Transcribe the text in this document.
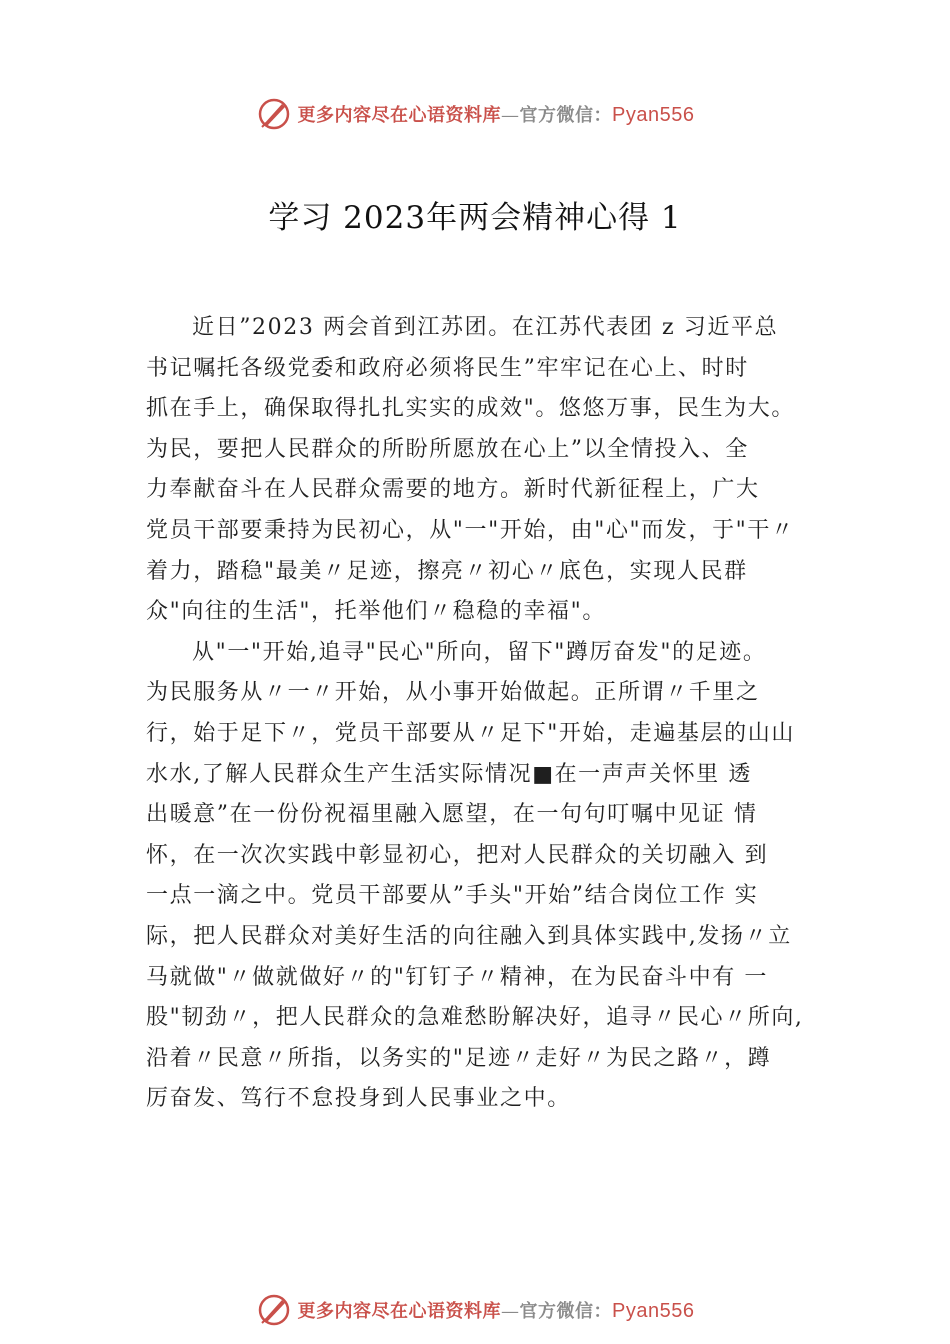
更多内容尽在心语资料库—官方微信：Pyan556
学习 2023年两会精神心得 1
近日”2023 两会首到江苏团。在江苏代表团 z 习近平总
书记嘱托各级党委和政府必须将民生”牢牢记在心上、时时
抓在手上，确保取得扎扎实实的成效"。悠悠万事，民生为大。
为民，要把人民群众的所盼所愿放在心上”以全情投入、全
力奉献奋斗在人民群众需要的地方。新时代新征程上，广大
党员干部要秉持为民初心，从"一"开始，由"心"而发，于"干〃
着力，踏稳"最美〃足迹，擦亮〃初心〃底色，实现人民群
众"向往的生活"，托举他们〃稳稳的幸福"。
从"一"开始,追寻"民心"所向，留下"蹲厉奋发"的足迹。
为民服务从〃一〃开始，从小事开始做起。正所谓〃千里之
行，始于足下〃，党员干部要从〃足下"开始，走遍基层的山山
水水,了解人民群众生产生活实际情况■在一声声关怀里 透
出暖意”在一份份祝福里融入愿望，在一句句叮嘱中见证 情
怀，在一次次实践中彰显初心，把对人民群众的关切融入 到
一点一滴之中。党员干部要从”手头"开始”结合岗位工作 实
际，把人民群众对美好生活的向往融入到具体实践中,发扬〃立
马就做"〃做就做好〃的"钉钉子〃精神，在为民奋斗中有 一
股"韧劲〃，把人民群众的急难愁盼解决好，追寻〃民心〃所向,
沿着〃民意〃所指，以务实的"足迹〃走好〃为民之路〃，蹲
厉奋发、笃行不怠投身到人民事业之中。
更多内容尽在心语资料库—官方微信：Pyan556
